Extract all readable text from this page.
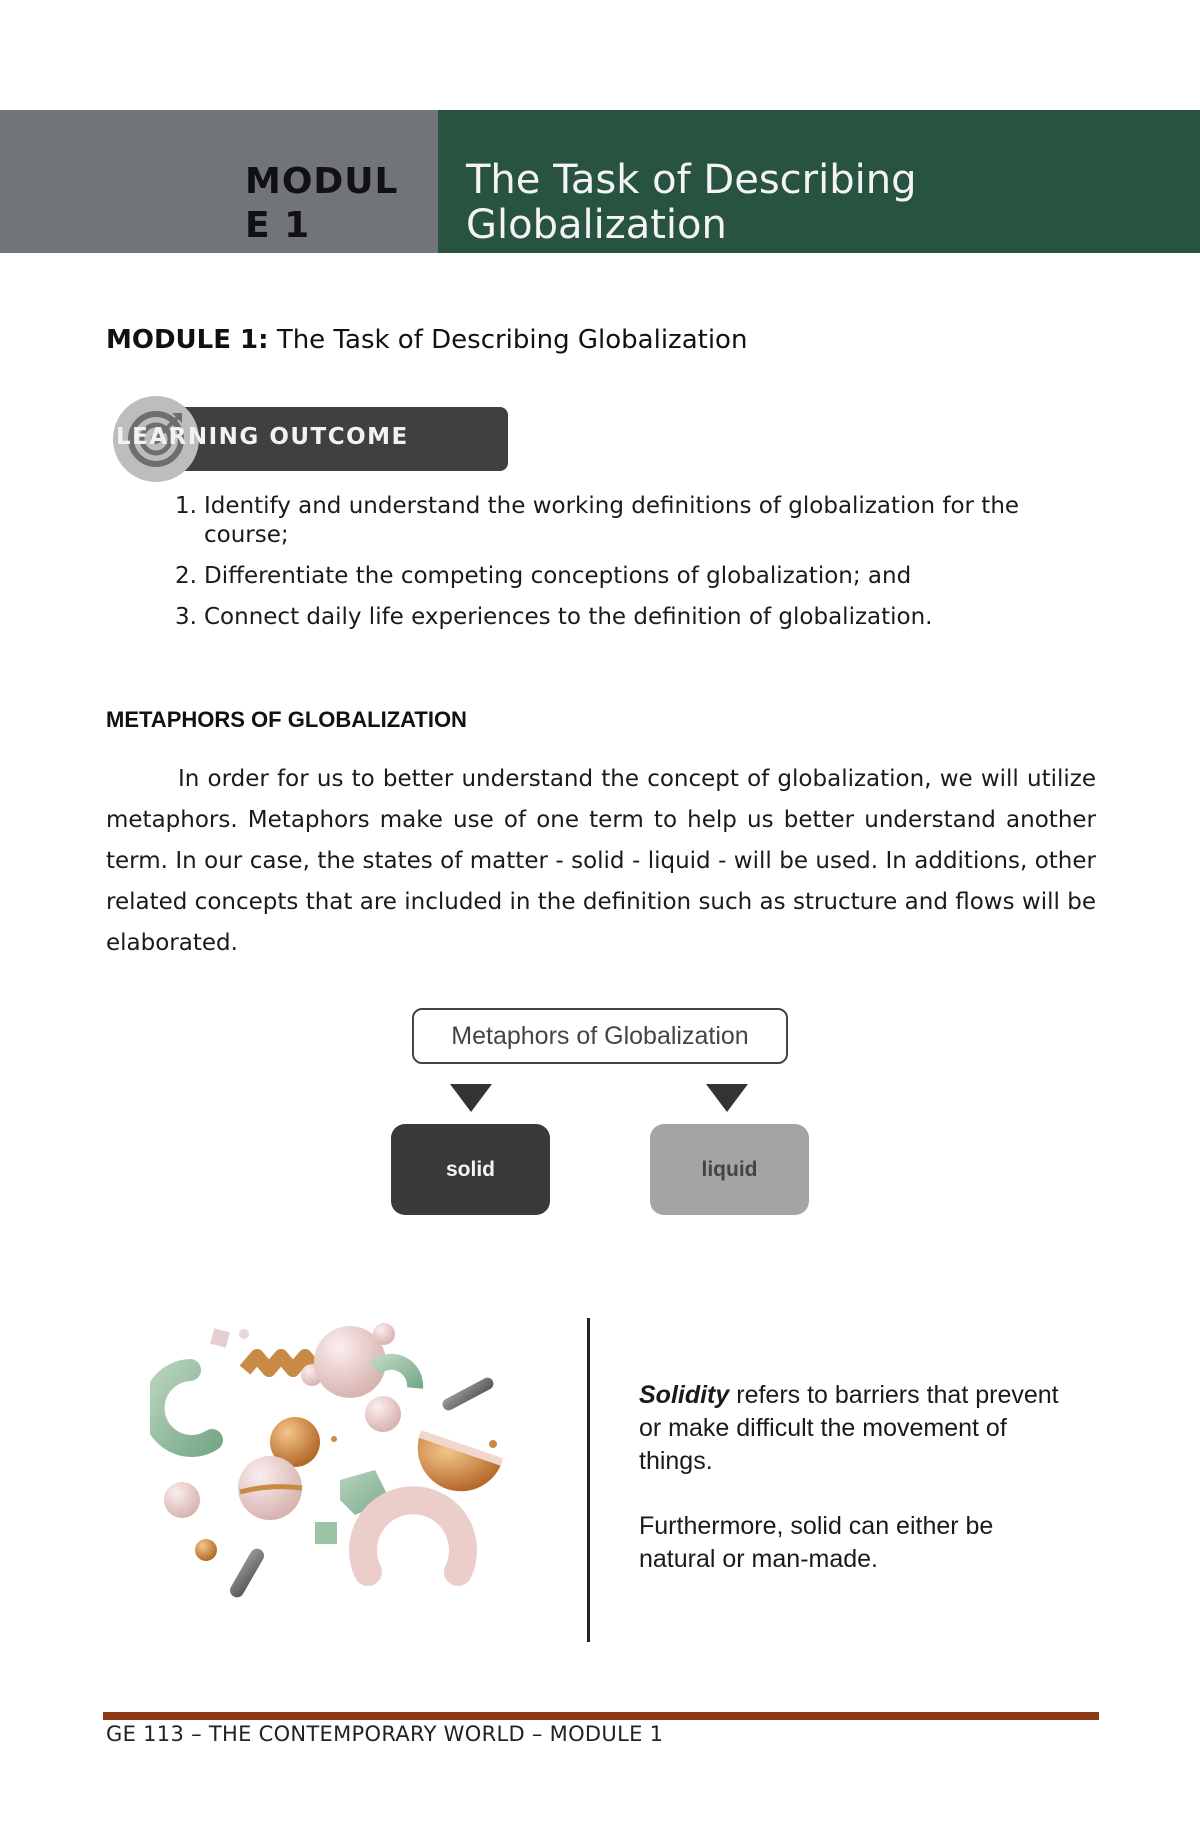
MODUL E 1
The Task of Describing Globalization
MODULE 1: The Task of Describing Globalization
LEARNING OUTCOME
1. Identify and understand the working definitions of globalization for the course;
2. Differentiate the competing conceptions of globalization; and
3. Connect daily life experiences to the definition of globalization.
METAPHORS OF GLOBALIZATION

In order for us to better understand the concept of globalization, we will utilize metaphors. Metaphors make use of one term to help us better understand another term. In our case, the states of matter - solid - liquid - will be used. In additions, other related concepts that are included in the definition such as structure and flows will be elaborated.

Metaphors of Globalization
solid	liquid

Solidity refers to barriers that prevent or make difficult the movement of things.

Furthermore, solid can either be natural or man-made.

GE 113 – THE CONTEMPORARY WORLD – MODULE 1
